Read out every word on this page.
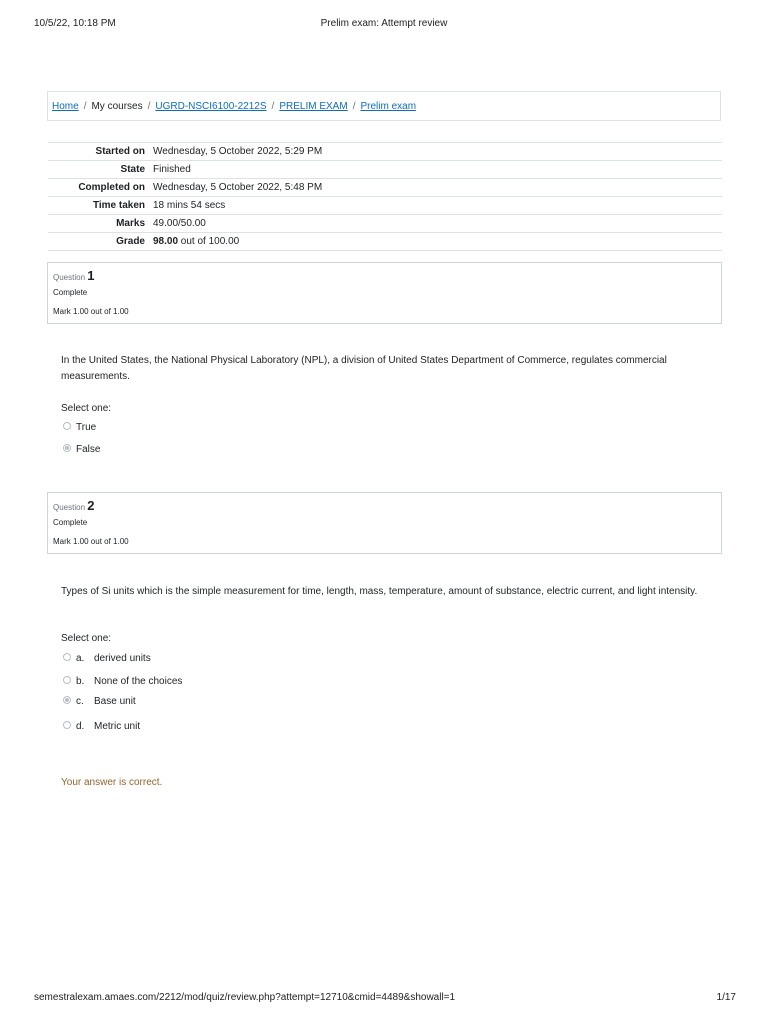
10/5/22, 10:18 PM	Prelim exam: Attempt review
Home / My courses / UGRD-NSCI6100-2212S / PRELIM EXAM / Prelim exam
Started on	Wednesday, 5 October 2022, 5:29 PM
State	Finished
Completed on	Wednesday, 5 October 2022, 5:48 PM
Time taken	18 mins 54 secs
Marks	49.00/50.00
Grade	98.00 out of 100.00
Question 1
Complete
Mark 1.00 out of 1.00
In the United States, the National Physical Laboratory (NPL), a division of United States Department of Commerce, regulates commercial measurements.
Select one:
True
False
Question 2
Complete
Mark 1.00 out of 1.00
Types of Si units which is the simple measurement for time, length, mass, temperature, amount of substance, electric current, and light intensity.
Select one:
a. derived units
b. None of the choices
c. Base unit
d. Metric unit
Your answer is correct.
semestralexam.amaes.com/2212/mod/quiz/review.php?attempt=12710&cmid=4489&showall=1	1/17
